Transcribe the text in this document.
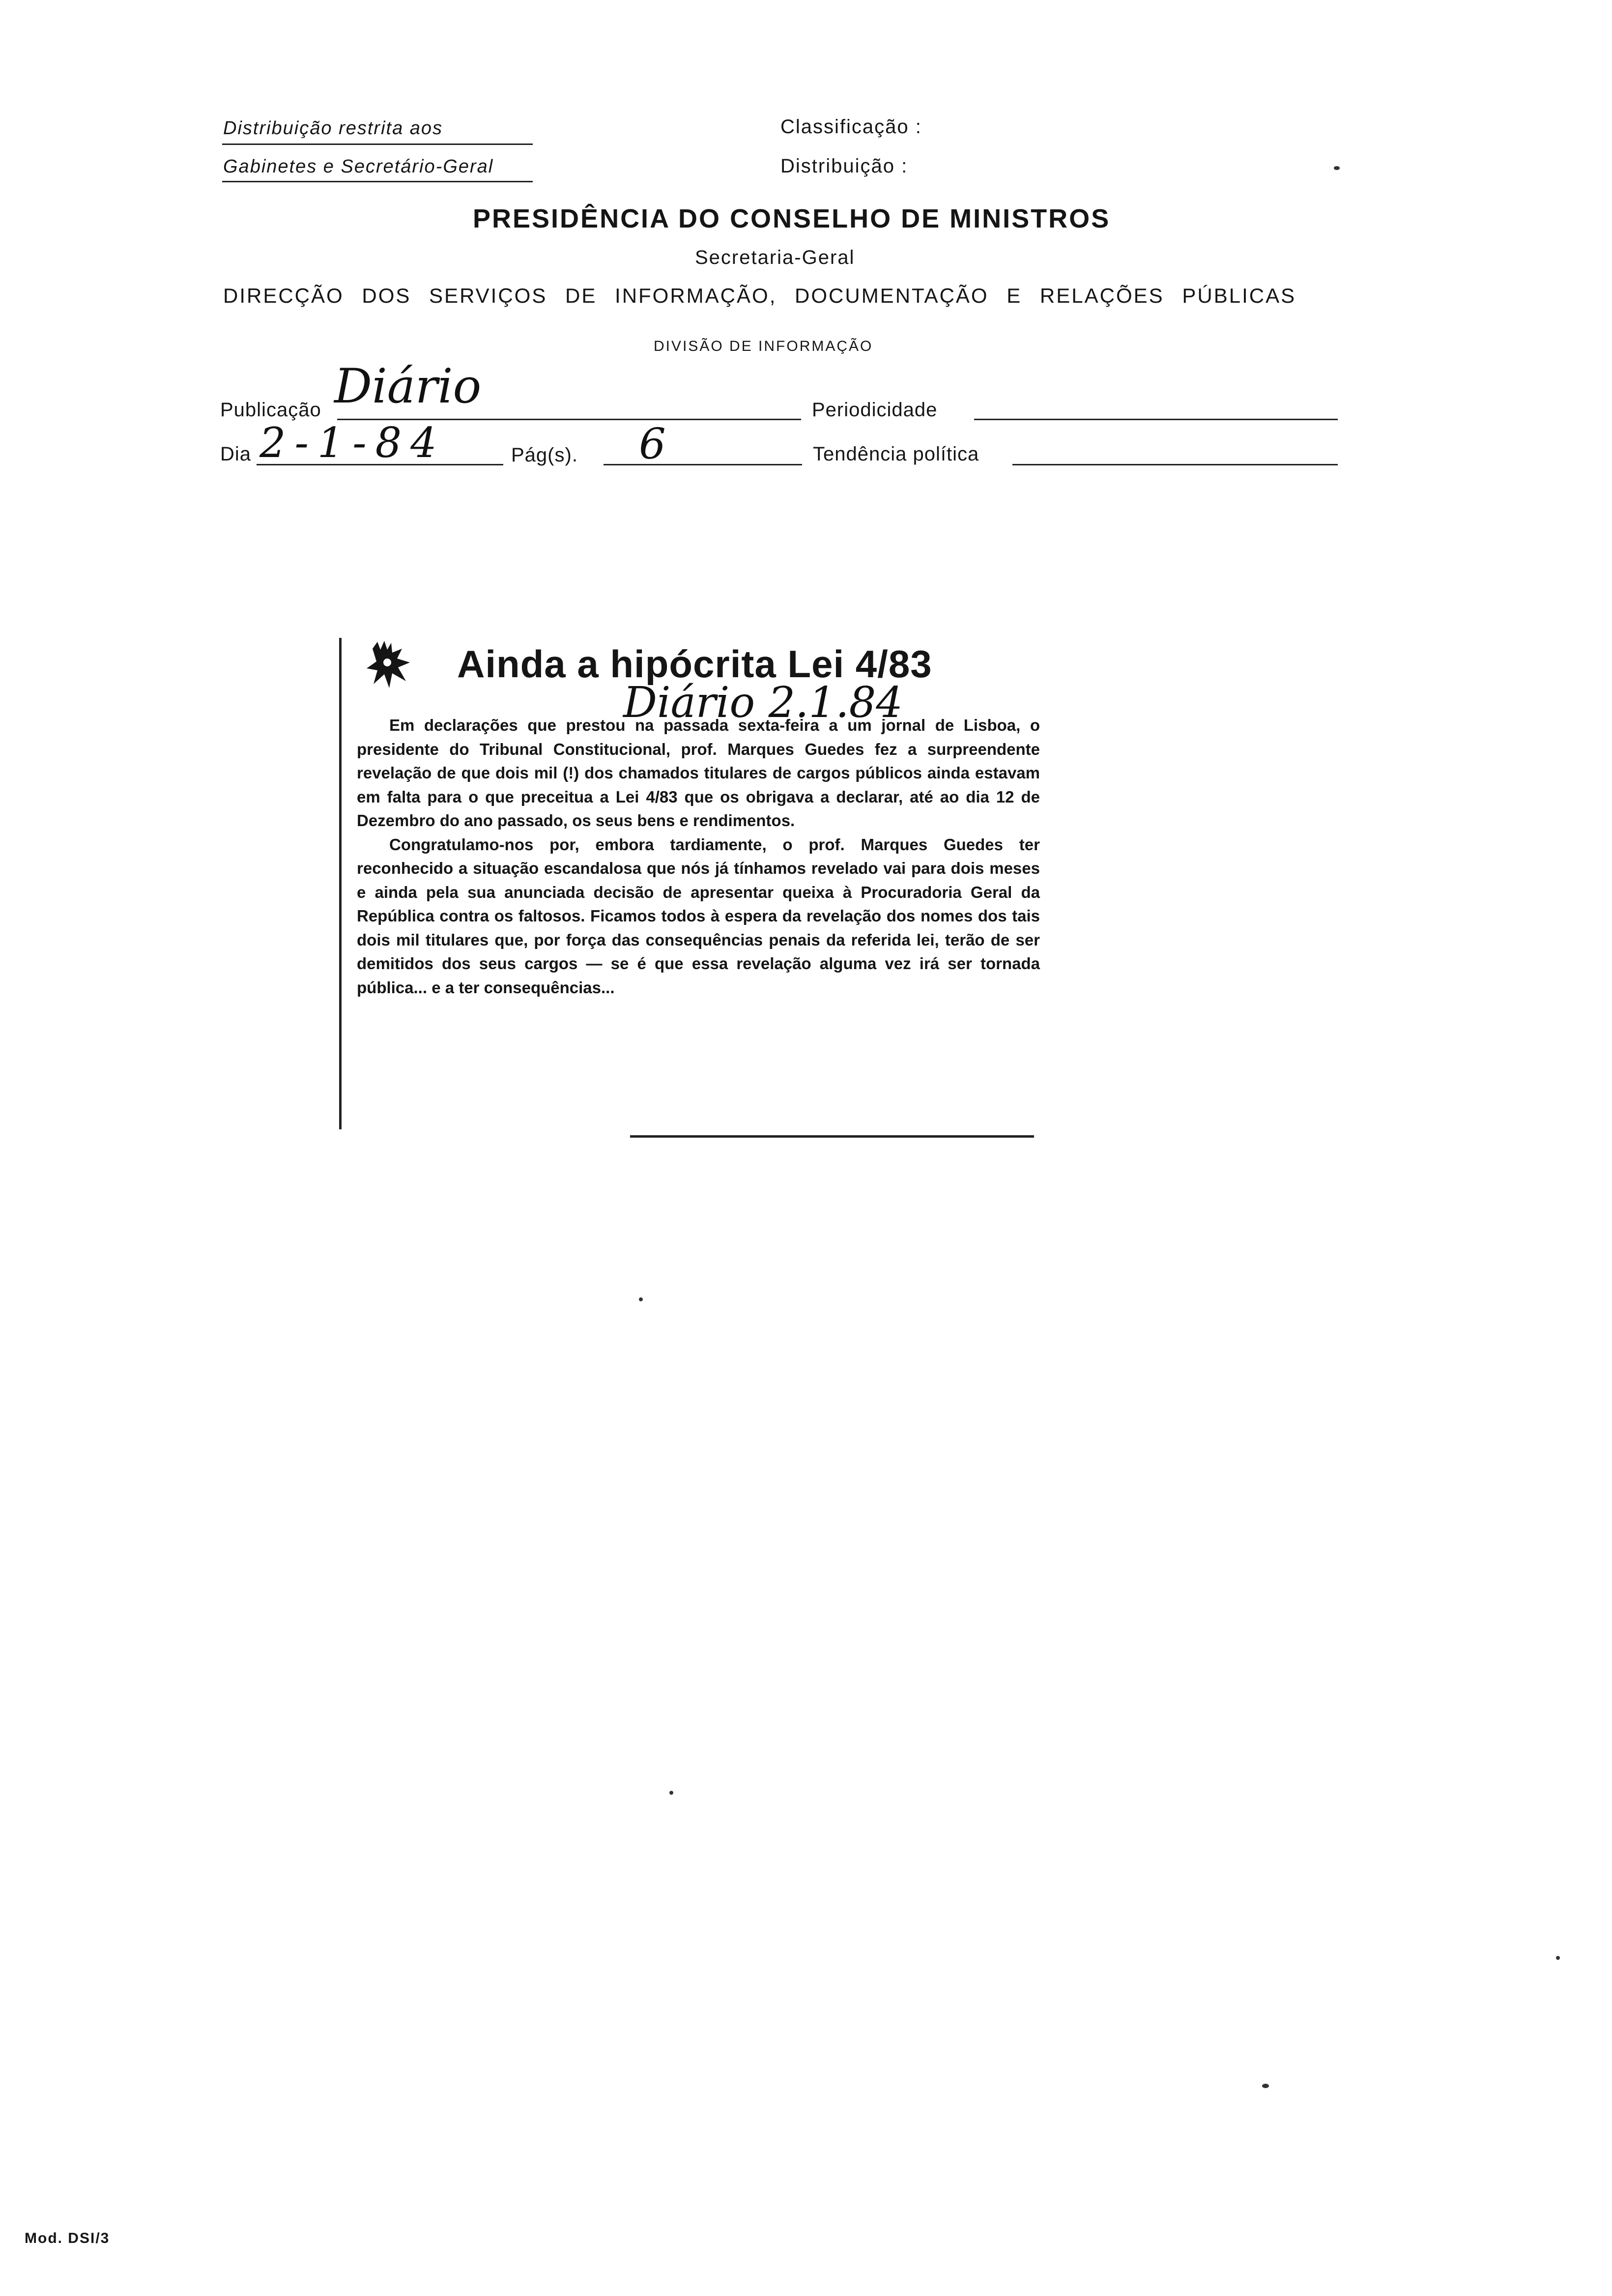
Distribuição restrita aos
Gabinetes e Secretário-Geral
Classificação :
Distribuição :
PRESIDÊNCIA DO CONSELHO DE MINISTROS
Secretaria-Geral
DIRECÇÃO DOS SERVIÇOS DE INFORMAÇÃO, DOCUMENTAÇÃO E RELAÇÕES PÚBLICAS
DIVISÃO DE INFORMAÇÃO
Publicação Diário	Periodicidade
Dia 2-1-84	Pág(s). 6	Tendência política
Ainda a hipócrita Lei 4/83
Diário 2.1.84

Em declarações que prestou na passada sexta-feira a um jornal de Lisboa, o presidente do Tribunal Constitucional, prof. Marques Guedes fez a surpreendente revelação de que dois mil (!) dos chamados titulares de cargos públicos ainda estavam em falta para o que preceitua a Lei 4/83 que os obrigava a declarar, até ao dia 12 de Dezembro do ano passado, os seus bens e rendimentos.

Congratulamo-nos por, embora tardiamente, o prof. Marques Guedes ter reconhecido a situação escandalosa que nós já tínhamos revelado vai para dois meses e ainda pela sua anunciada decisão de apresentar queixa à Procuradoria Geral da República contra os faltosos. Ficamos todos à espera da revelação dos nomes dos tais dois mil titulares que, por força das consequências penais da referida lei, terão de ser demitidos dos seus cargos — se é que essa revelação alguma vez irá ser tornada pública... e a ter consequências...

Mod. DSI/3
